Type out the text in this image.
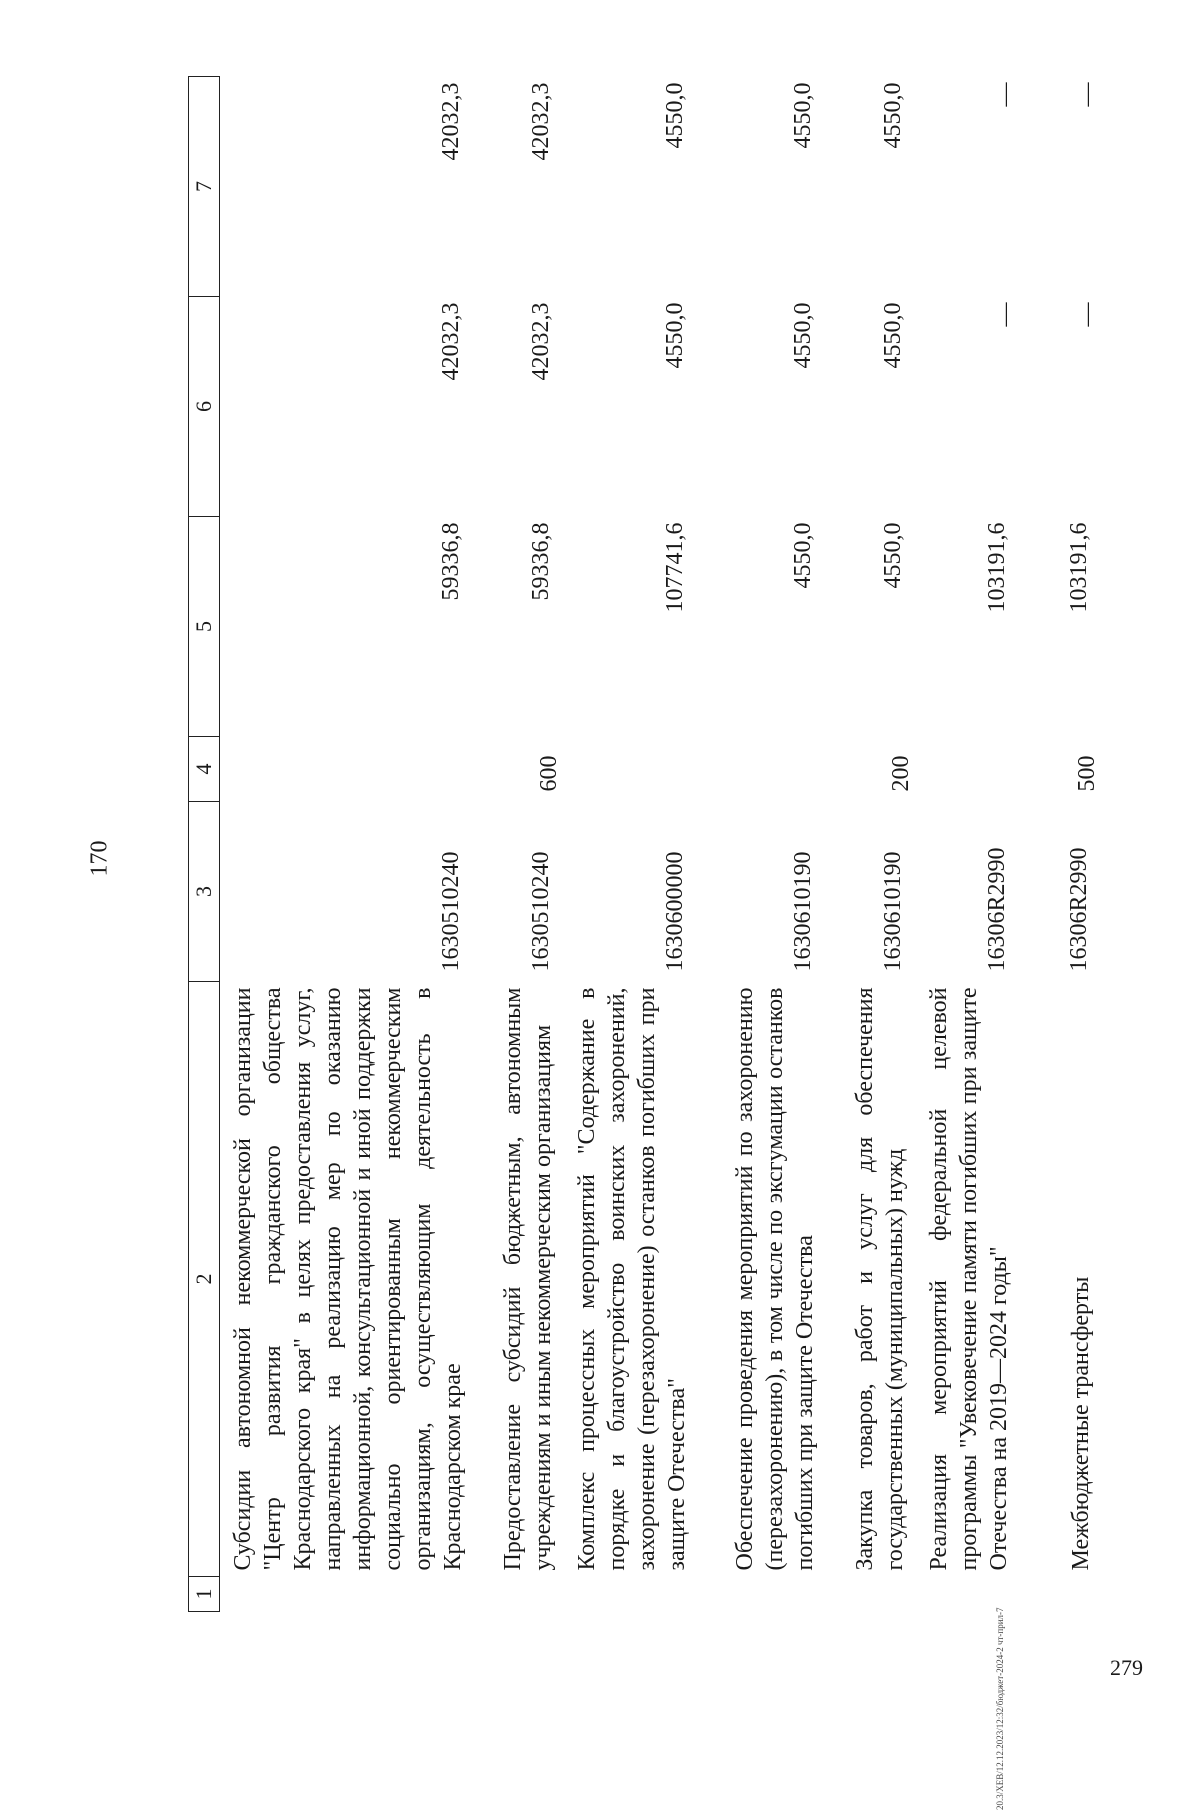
170
1	2	3	4	5	6	7
	Субсидии автономной некоммерческой организации "Центр развития гражданского общества Краснодарского края" в целях предоставления услуг, направленных на реализацию мер по оказанию информационной, консультационной и иной поддержки социально ориентированным некоммерческим организациям, осуществляющим деятельность в Краснодарском крае	1630510240		59336,8	42032,3	42032,3
	Предоставление субсидий бюджетным, автономным учреждениям и иным некоммерческим организациям	1630510240	600	59336,8	42032,3	42032,3
	Комплекс процессных мероприятий "Содержание в порядке и благоустройство воинских захоронений, захоронение (перезахоронение) останков погибших при защите Отечества"	1630600000		107741,6	4550,0	4550,0
	Обеспечение проведения мероприятий по захоронению (перезахоронению), в том числе по эксгумации останков погибших при защите Отечества	1630610190		4550,0	4550,0	4550,0
	Закупка товаров, работ и услуг для обеспечения государственных (муниципальных) нужд	1630610190	200	4550,0	4550,0	4550,0
	Реализация мероприятий федеральной целевой программы "Увековечение памяти погибших при защите Отечества на 2019—2024 годы"	16306R2990		103191,6	—	—
	Межбюджетные трансферты	16306R2990	500	103191,6	—	—
20.3/XEB/12.12.2023/12:32/бюджет-2024-2 чт-прил-7	279
